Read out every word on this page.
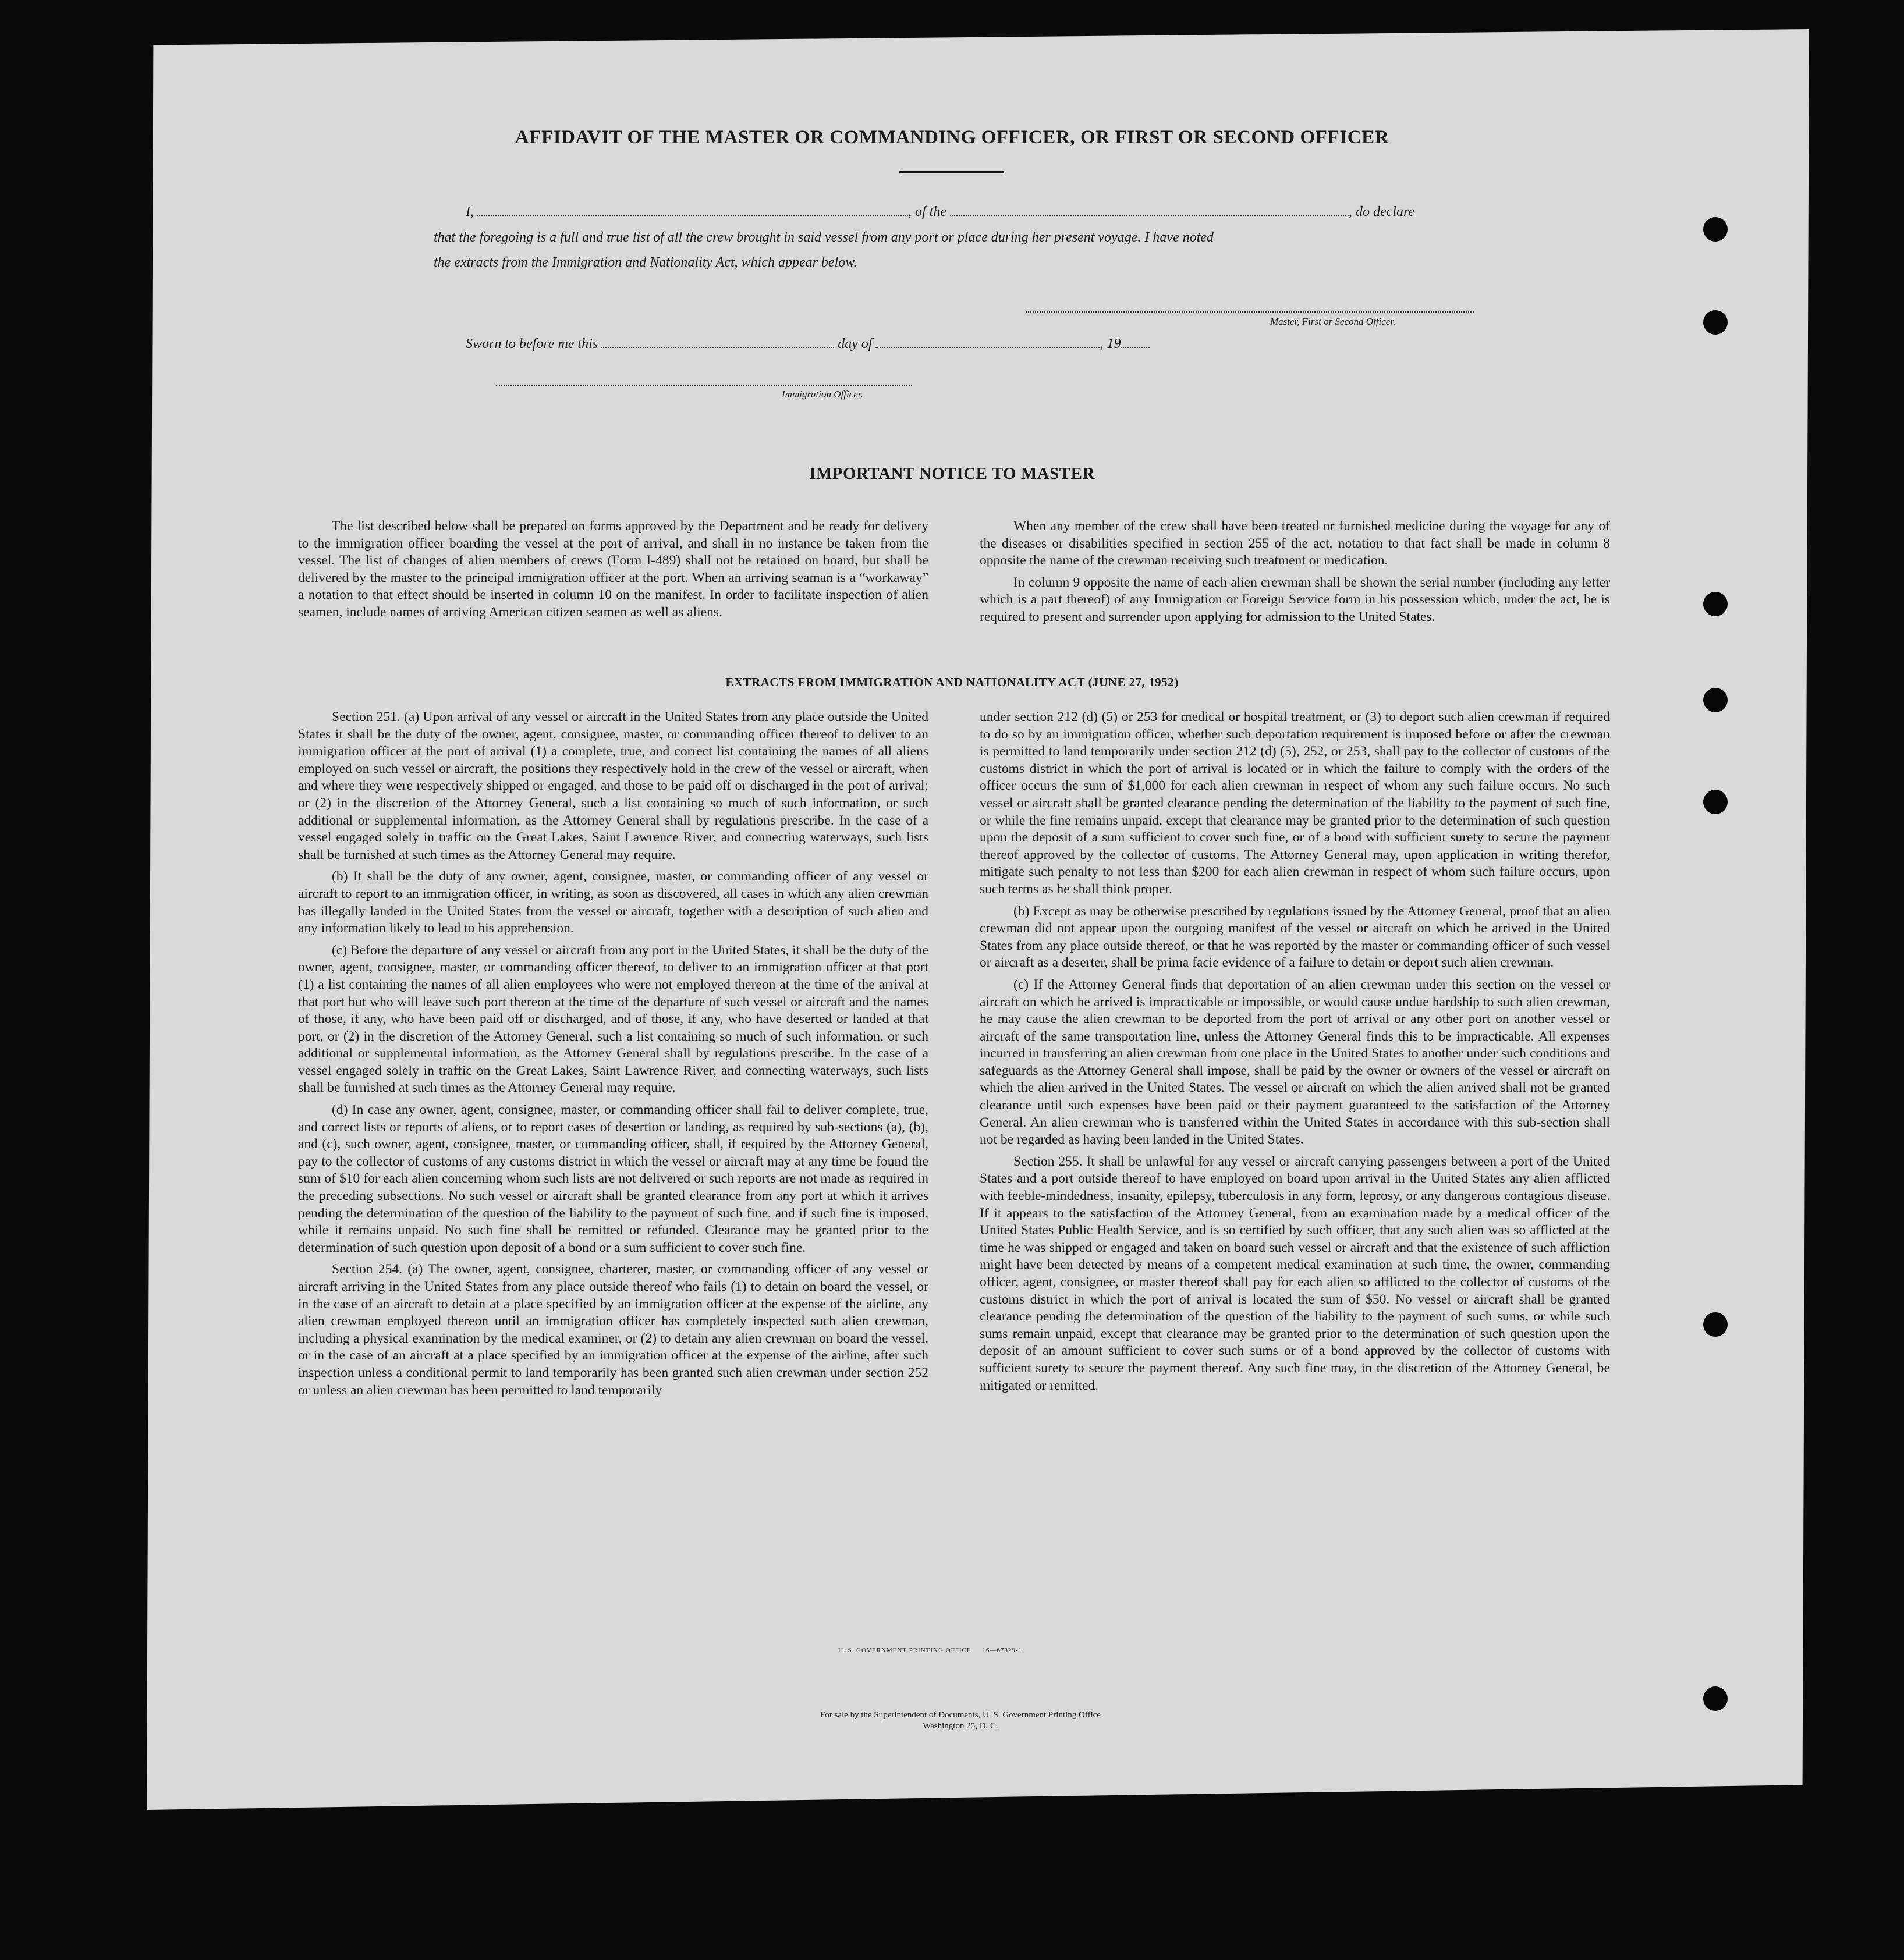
AFFIDAVIT OF THE MASTER OR COMMANDING OFFICER, OR FIRST OR SECOND OFFICER
I,	, of the	, do declare
that the foregoing is a full and true list of all the crew brought in said vessel from any port or place during her present voyage. I have noted
the extracts from the Immigration and Nationality Act, which appear below.
Master, First or Second Officer.
Sworn to before me this	day of	, 19
Immigration Officer.
IMPORTANT NOTICE TO MASTER

The list described below shall be prepared on forms approved by the Department and be ready for delivery to the immigration officer boarding the vessel at the port of arrival, and shall in no instance be taken from the vessel. The list of changes of alien members of crews (Form I-489) shall not be retained on board, but shall be delivered by the master to the principal immigration officer at the port. When an arriving seaman is a “workaway” a notation to that effect should be inserted in column 10 on the manifest. In order to facilitate inspection of alien seamen, include names of arriving American citizen seamen as well as aliens.

When any member of the crew shall have been treated or furnished medicine during the voyage for any of the diseases or disabilities specified in section 255 of the act, notation to that fact shall be made in column 8 opposite the name of the crewman receiving such treatment or medication.

In column 9 opposite the name of each alien crewman shall be shown the serial number (including any letter which is a part thereof) of any Immigration or Foreign Service form in his possession which, under the act, he is required to present and surrender upon applying for admission to the United States.

EXTRACTS FROM IMMIGRATION AND NATIONALITY ACT (JUNE 27, 1952)

Section 251. (a) Upon arrival of any vessel or aircraft in the United States from any place outside the United States it shall be the duty of the owner, agent, consignee, master, or commanding officer thereof to deliver to an immigration officer at the port of arrival (1) a complete, true, and correct list containing the names of all aliens employed on such vessel or aircraft, the positions they respectively hold in the crew of the vessel or aircraft, when and where they were respectively shipped or engaged, and those to be paid off or discharged in the port of arrival; or (2) in the discretion of the Attorney General, such a list containing so much of such information, or such additional or supplemental information, as the Attorney General shall by regulations prescribe. In the case of a vessel engaged solely in traffic on the Great Lakes, Saint Lawrence River, and connecting waterways, such lists shall be furnished at such times as the Attorney General may require.

(b) It shall be the duty of any owner, agent, consignee, master, or commanding officer of any vessel or aircraft to report to an immigration officer, in writing, as soon as discovered, all cases in which any alien crewman has illegally landed in the United States from the vessel or aircraft, together with a description of such alien and any information likely to lead to his apprehension.

(c) Before the departure of any vessel or aircraft from any port in the United States, it shall be the duty of the owner, agent, consignee, master, or commanding officer thereof, to deliver to an immigration officer at that port (1) a list containing the names of all alien employees who were not employed thereon at the time of the arrival at that port but who will leave such port thereon at the time of the departure of such vessel or aircraft and the names of those, if any, who have been paid off or discharged, and of those, if any, who have deserted or landed at that port, or (2) in the discretion of the Attorney General, such a list containing so much of such information, or such additional or supplemental information, as the Attorney General shall by regulations prescribe. In the case of a vessel engaged solely in traffic on the Great Lakes, Saint Lawrence River, and connecting waterways, such lists shall be furnished at such times as the Attorney General may require.

(d) In case any owner, agent, consignee, master, or commanding officer shall fail to deliver complete, true, and correct lists or reports of aliens, or to report cases of desertion or landing, as required by sub-sections (a), (b), and (c), such owner, agent, consignee, master, or commanding officer, shall, if required by the Attorney General, pay to the collector of customs of any customs district in which the vessel or aircraft may at any time be found the sum of $10 for each alien concerning whom such lists are not delivered or such reports are not made as required in the preceding subsections. No such vessel or aircraft shall be granted clearance from any port at which it arrives pending the determination of the question of the liability to the payment of such fine, and if such fine is imposed, while it remains unpaid. No such fine shall be remitted or refunded. Clearance may be granted prior to the determination of such question upon deposit of a bond or a sum sufficient to cover such fine.

Section 254. (a) The owner, agent, consignee, charterer, master, or commanding officer of any vessel or aircraft arriving in the United States from any place outside thereof who fails (1) to detain on board the vessel, or in the case of an aircraft to detain at a place specified by an immigration officer at the expense of the airline, any alien crewman employed thereon until an immigration officer has completely inspected such alien crewman, including a physical examination by the medical examiner, or (2) to detain any alien crewman on board the vessel, or in the case of an aircraft at a place specified by an immigration officer at the expense of the airline, after such inspection unless a conditional permit to land temporarily has been granted such alien crewman under section 252 or unless an alien crewman has been permitted to land temporarily

under section 212 (d) (5) or 253 for medical or hospital treatment, or (3) to deport such alien crewman if required to do so by an immigration officer, whether such deportation requirement is imposed before or after the crewman is permitted to land temporarily under section 212 (d) (5), 252, or 253, shall pay to the collector of customs of the customs district in which the port of arrival is located or in which the failure to comply with the orders of the officer occurs the sum of $1,000 for each alien crewman in respect of whom any such failure occurs. No such vessel or aircraft shall be granted clearance pending the determination of the liability to the payment of such fine, or while the fine remains unpaid, except that clearance may be granted prior to the determination of such question upon the deposit of a sum sufficient to cover such fine, or of a bond with sufficient surety to secure the payment thereof approved by the collector of customs. The Attorney General may, upon application in writing therefor, mitigate such penalty to not less than $200 for each alien crewman in respect of whom such failure occurs, upon such terms as he shall think proper.

(b) Except as may be otherwise prescribed by regulations issued by the Attorney General, proof that an alien crewman did not appear upon the outgoing manifest of the vessel or aircraft on which he arrived in the United States from any place outside thereof, or that he was reported by the master or commanding officer of such vessel or aircraft as a deserter, shall be prima facie evidence of a failure to detain or deport such alien crewman.

(c) If the Attorney General finds that deportation of an alien crewman under this section on the vessel or aircraft on which he arrived is impracticable or impossible, or would cause undue hardship to such alien crewman, he may cause the alien crewman to be deported from the port of arrival or any other port on another vessel or aircraft of the same transportation line, unless the Attorney General finds this to be impracticable. All expenses incurred in transferring an alien crewman from one place in the United States to another under such conditions and safeguards as the Attorney General shall impose, shall be paid by the owner or owners of the vessel or aircraft on which the alien arrived in the United States. The vessel or aircraft on which the alien arrived shall not be granted clearance until such expenses have been paid or their payment guaranteed to the satisfaction of the Attorney General. An alien crewman who is transferred within the United States in accordance with this sub-section shall not be regarded as having been landed in the United States.

Section 255. It shall be unlawful for any vessel or aircraft carrying passengers between a port of the United States and a port outside thereof to have employed on board upon arrival in the United States any alien afflicted with feeble-mindedness, insanity, epilepsy, tuberculosis in any form, leprosy, or any dangerous contagious disease. If it appears to the satisfaction of the Attorney General, from an examination made by a medical officer of the United States Public Health Service, and is so certified by such officer, that any such alien was so afflicted at the time he was shipped or engaged and taken on board such vessel or aircraft and that the existence of such affliction might have been detected by means of a competent medical examination at such time, the owner, commanding officer, agent, consignee, or master thereof shall pay for each alien so afflicted to the collector of customs of the customs district in which the port of arrival is located the sum of $50. No vessel or aircraft shall be granted clearance pending the determination of the question of the liability to the payment of such sums, or while such sums remain unpaid, except that clearance may be granted prior to the determination of such question upon the deposit of an amount sufficient to cover such sums or of a bond approved by the collector of customs with sufficient surety to secure the payment thereof. Any such fine may, in the discretion of the Attorney General, be mitigated or remitted.

U. S. GOVERNMENT PRINTING OFFICE     16—67829-1
For sale by the Superintendent of Documents, U. S. Government Printing Office
Washington 25, D. C.
